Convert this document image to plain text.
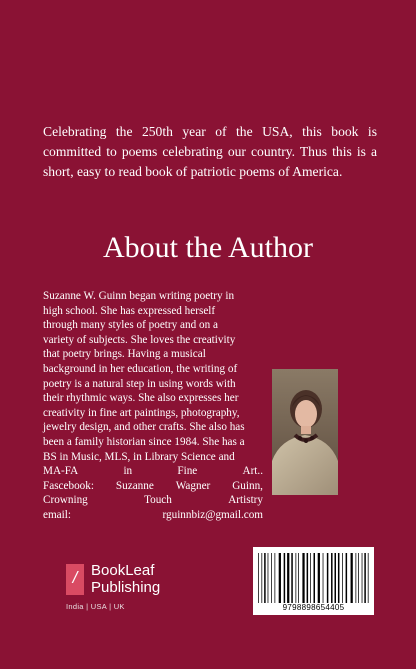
Celebrating the 250th year of the USA, this book is committed to poems celebrating our country. Thus this is a short, easy to read book of patriotic poems of America.

About the Author
Suzanne W. Guinn began writing poetry in
high school. She has expressed herself
through many styles of poetry and on a
variety of subjects. She loves the creativity
that poetry brings. Having a musical
background in her education, the writing of
poetry is a natural step in using words with
their rhythmic ways. She also expresses her
creativity in fine art paintings, photography,
jewelry design, and other crafts. She also has
been a family historian since 1984. She has a
BS in Music, MLS, in Library Science and
MA-FA	in	Fine	Art..
Fascebook: Suzanne Wagner Guinn,
Crowning	Touch	Artistry
email:	rguinnbiz@gmail.com
/ BookLeaf
Publishing
India | USA | UK	9798898654405
